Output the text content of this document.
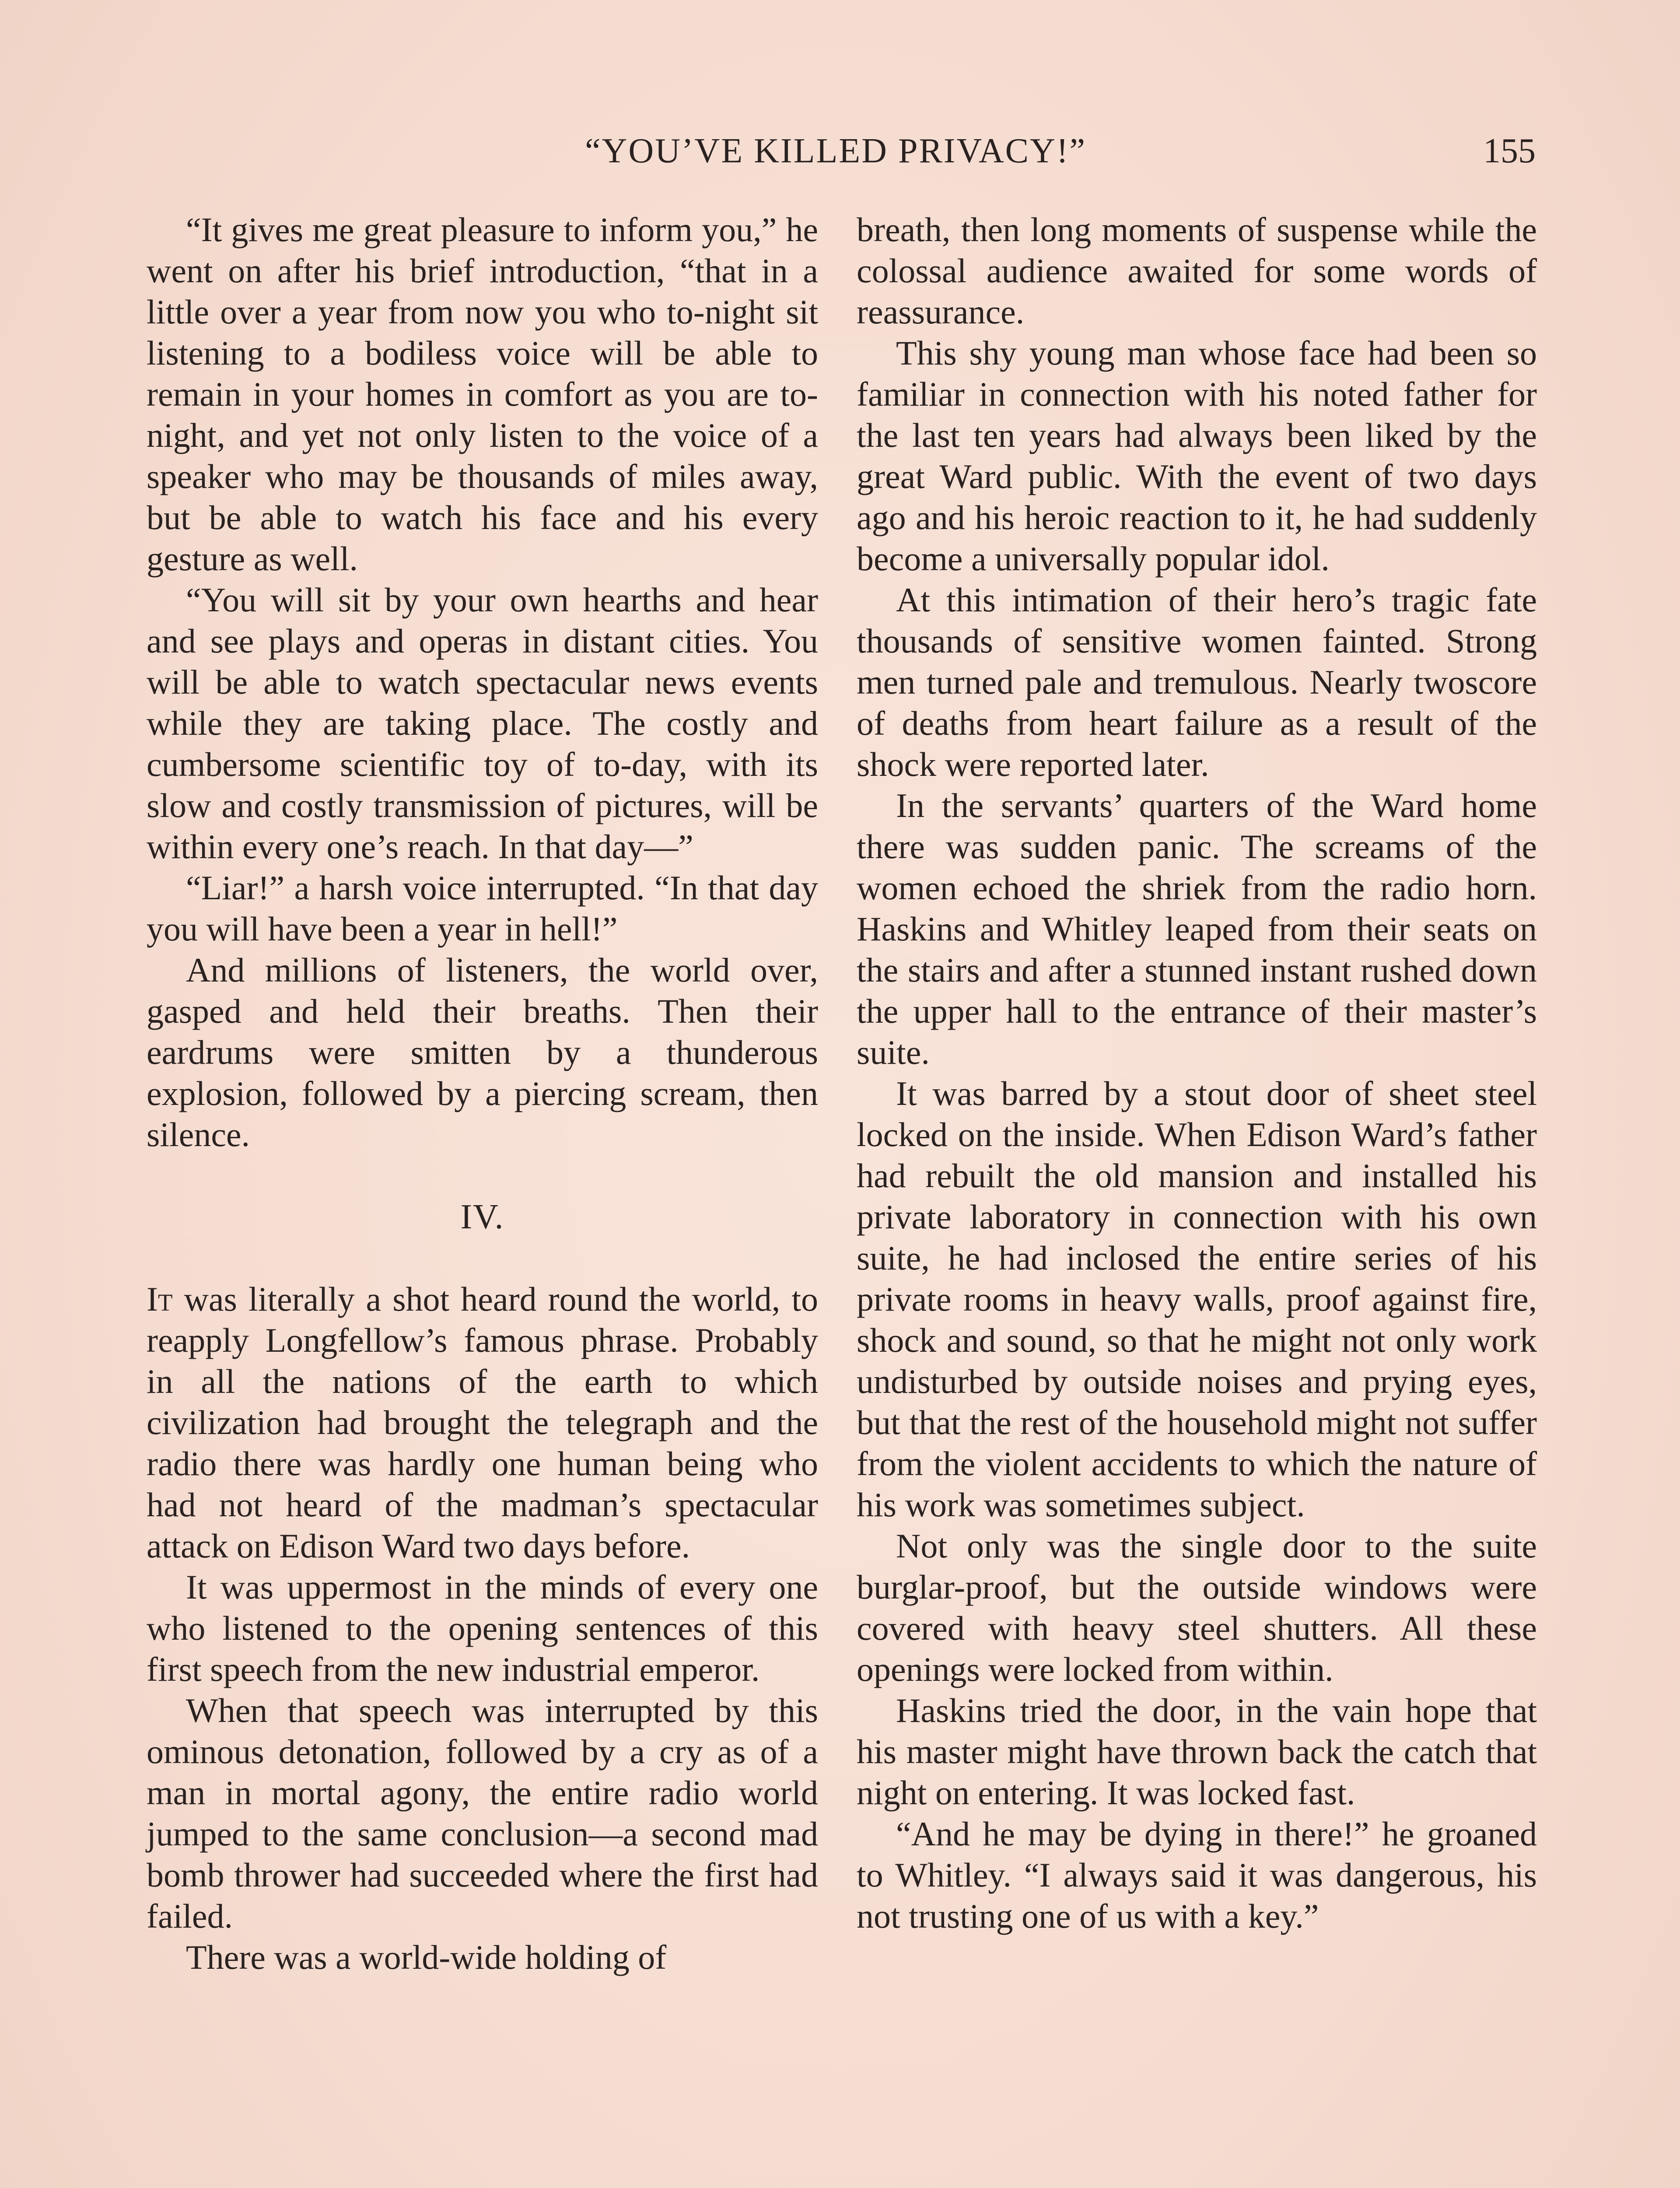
“YOU’VE KILLED PRIVACY!”	155

“It gives me great pleasure to inform you,” he went on after his brief introduction, “that in a little over a year from now you who to-night sit listening to a bodiless voice will be able to remain in your homes in comfort as you are to-night, and yet not only listen to the voice of a speaker who may be thousands of miles away, but be able to watch his face and his every gesture as well.

“You will sit by your own hearths and hear and see plays and operas in distant cities. You will be able to watch spectacular news events while they are taking place. The costly and cumbersome scientific toy of to-day, with its slow and costly transmission of pictures, will be within every one’s reach. In that day—”

“Liar!” a harsh voice interrupted. “In that day you will have been a year in hell!”

And millions of listeners, the world over, gasped and held their breaths. Then their eardrums were smitten by a thunderous explosion, followed by a piercing scream, then silence.

IV.

It was literally a shot heard round the world, to reapply Longfellow’s famous phrase. Probably in all the nations of the earth to which civilization had brought the telegraph and the radio there was hardly one human being who had not heard of the madman’s spectacular attack on Edison Ward two days before.

It was uppermost in the minds of every one who listened to the opening sentences of this first speech from the new industrial emperor.

When that speech was interrupted by this ominous detonation, followed by a cry as of a man in mortal agony, the entire radio world jumped to the same conclusion—a second mad bomb thrower had succeeded where the first had failed.

There was a world-wide holding of

breath, then long moments of suspense while the colossal audience awaited for some words of reassurance.

This shy young man whose face had been so familiar in connection with his noted father for the last ten years had always been liked by the great Ward public. With the event of two days ago and his heroic reaction to it, he had suddenly become a universally popular idol.

At this intimation of their hero’s tragic fate thousands of sensitive women fainted. Strong men turned pale and tremulous. Nearly twoscore of deaths from heart failure as a result of the shock were reported later.

In the servants’ quarters of the Ward home there was sudden panic. The screams of the women echoed the shriek from the radio horn. Haskins and Whitley leaped from their seats on the stairs and after a stunned instant rushed down the upper hall to the entrance of their master’s suite.

It was barred by a stout door of sheet steel locked on the inside. When Edison Ward’s father had rebuilt the old mansion and installed his private laboratory in connection with his own suite, he had inclosed the entire series of his private rooms in heavy walls, proof against fire, shock and sound, so that he might not only work undisturbed by outside noises and prying eyes, but that the rest of the household might not suffer from the violent accidents to which the nature of his work was sometimes subject.

Not only was the single door to the suite burglar-proof, but the outside windows were covered with heavy steel shutters. All these openings were locked from within.

Haskins tried the door, in the vain hope that his master might have thrown back the catch that night on entering. It was locked fast.

“And he may be dying in there!” he groaned to Whitley. “I always said it was dangerous, his not trusting one of us with a key.”
